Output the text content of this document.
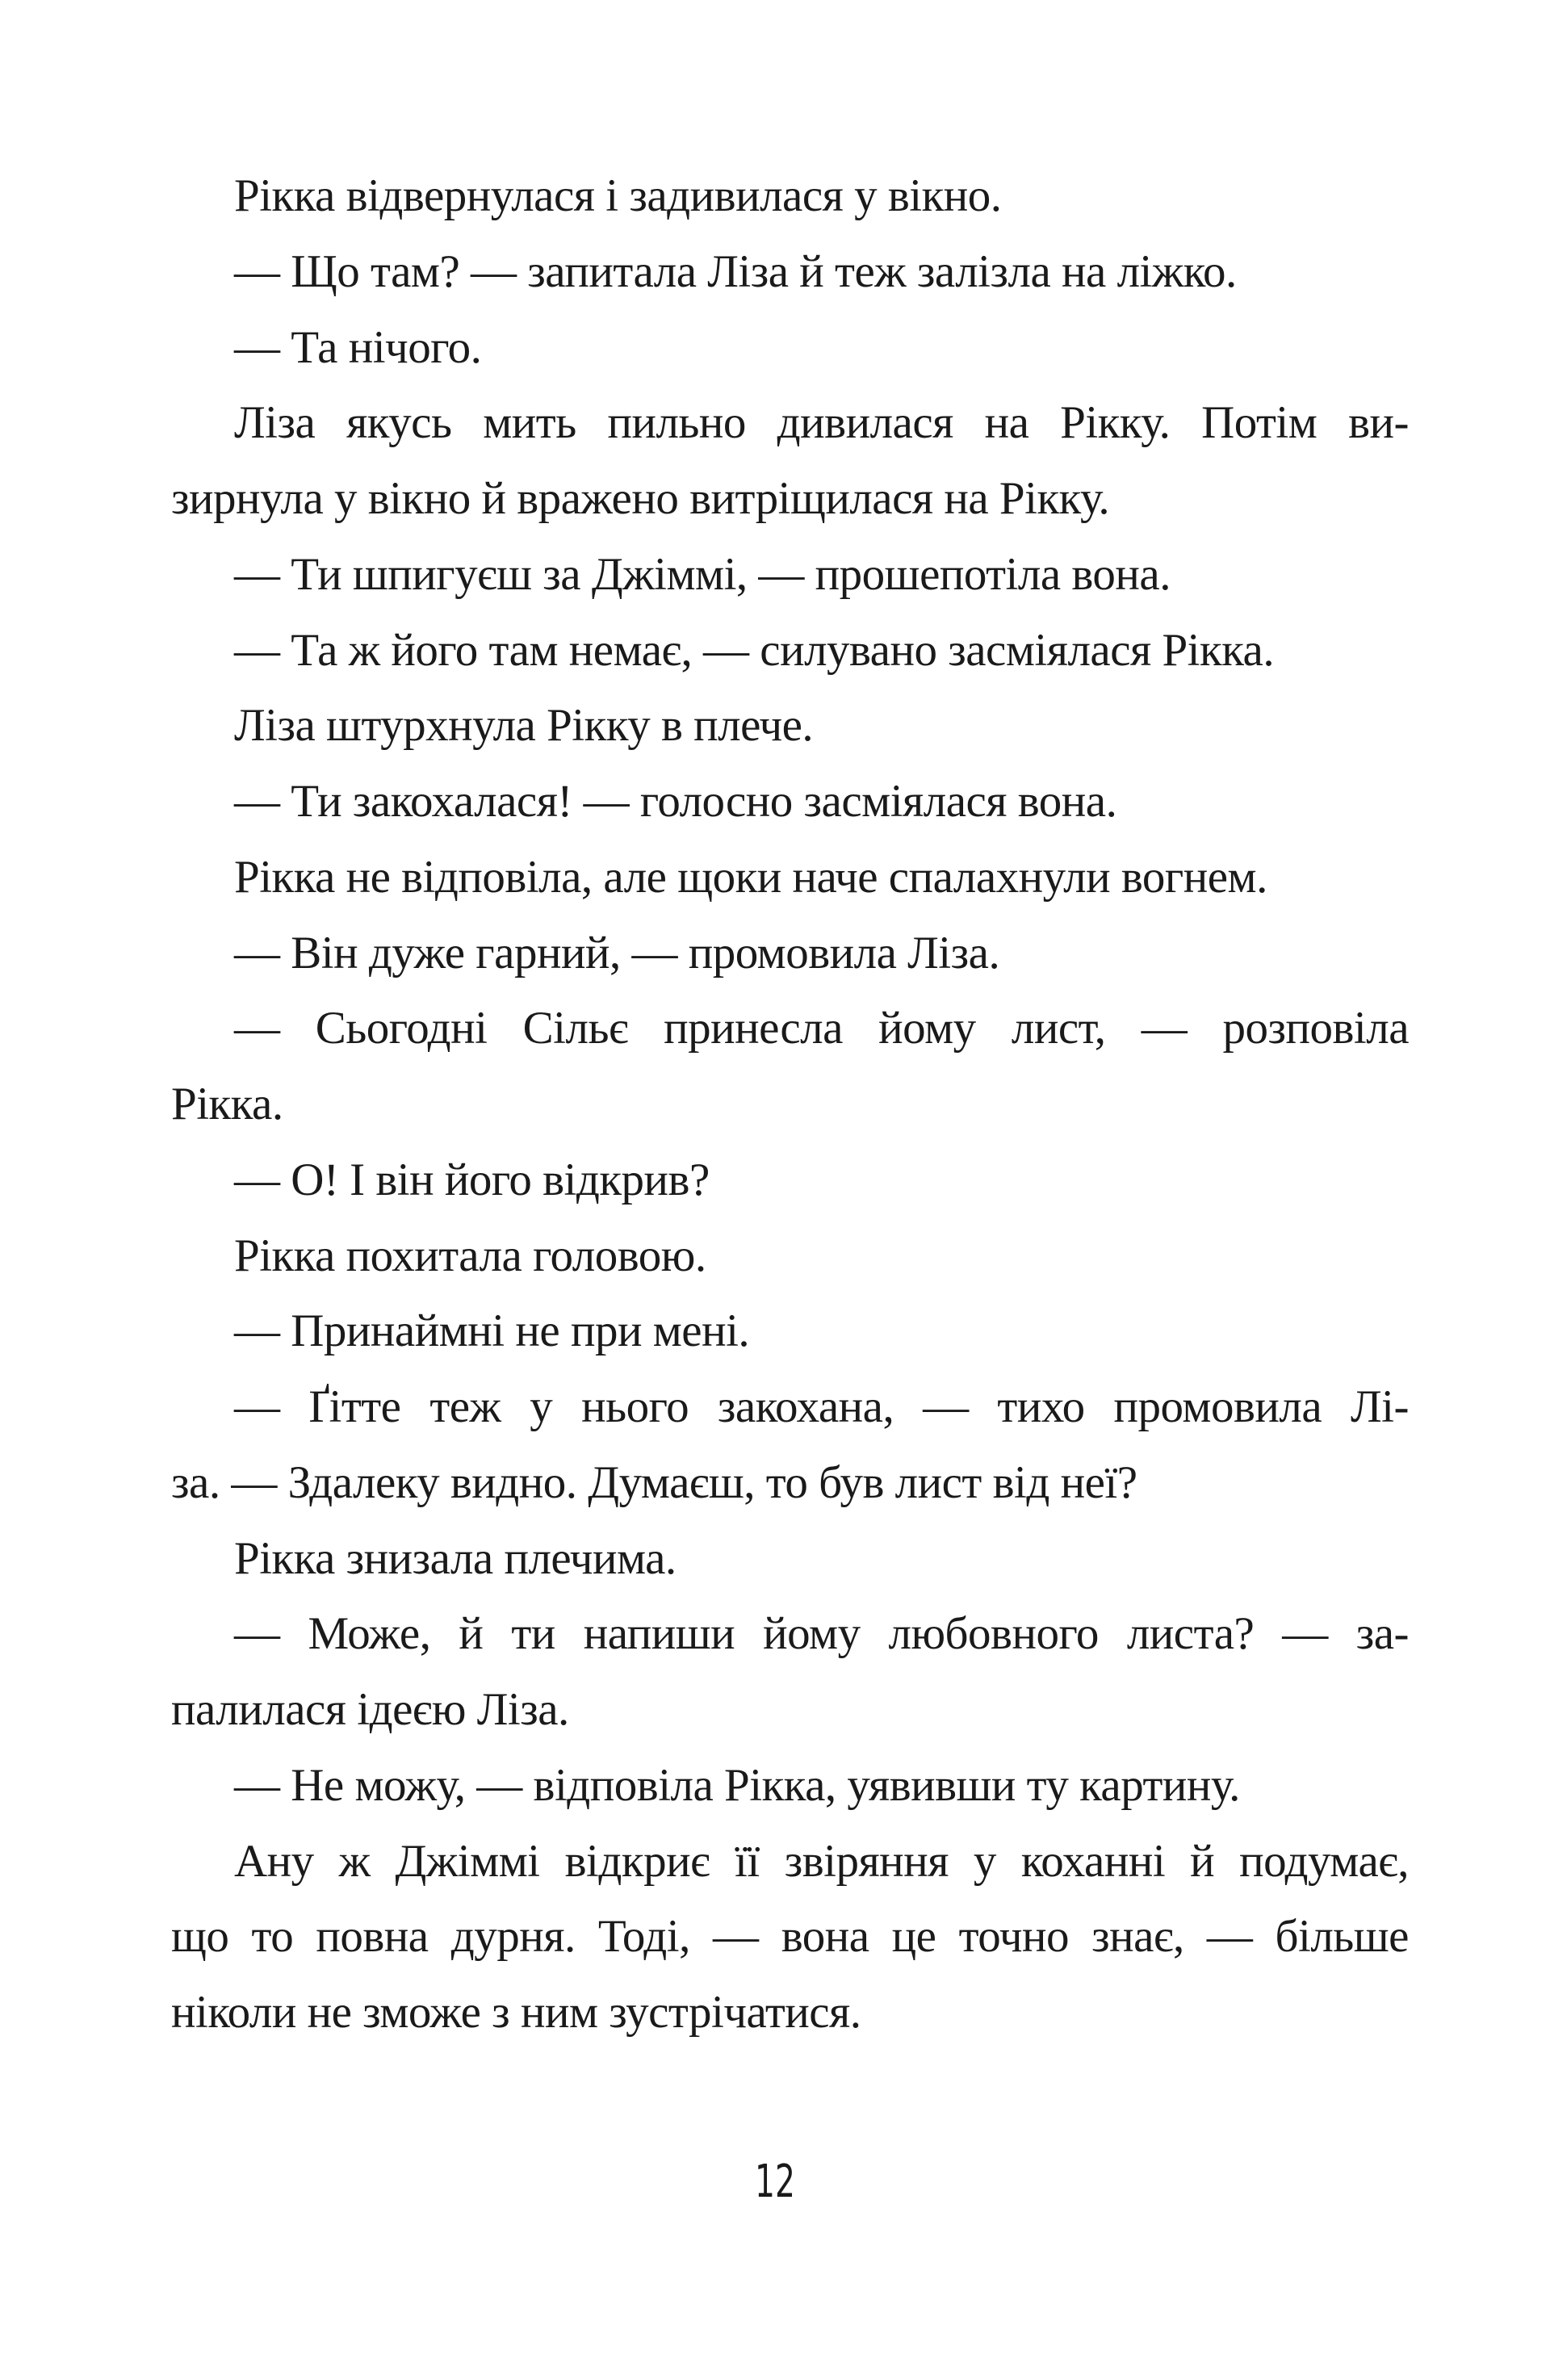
Рікка відвернулася і задивилася у вікно.
— Що там? — запитала Ліза й теж залізла на ліжко.
— Та нічого.
Ліза якусь мить пильно дивилася на Рікку. Потім ви-
зирнула у вікно й вражено витріщилася на Рікку.
— Ти шпигуєш за Джіммі, — прошепотіла вона.
— Та ж його там немає, — силувано засміялася Рікка.
Ліза штурхнула Рікку в плече.
— Ти закохалася! — голосно засміялася вона.
Рікка не відповіла, але щоки наче спалахнули вогнем.
— Він дуже гарний, — промовила Ліза.
— Сьогодні Сільє принесла йому лист, — розповіла
Рікка.
— О! І він його відкрив?
Рікка похитала головою.
— Принаймні не при мені.
— Ґітте теж у нього закохана, — тихо промовила Лі-
за. — Здалеку видно. Думаєш, то був лист від неї?
Рікка знизала плечима.
— Може, й ти напиши йому любовного листа? — за-
палилася ідеєю Ліза.
— Не можу, — відповіла Рікка, уявивши ту картину.
Ану ж Джіммі відкриє її звіряння у коханні й подумає,
що то повна дурня. Тоді, — вона це точно знає, — більше
ніколи не зможе з ним зустрічатися.
12
